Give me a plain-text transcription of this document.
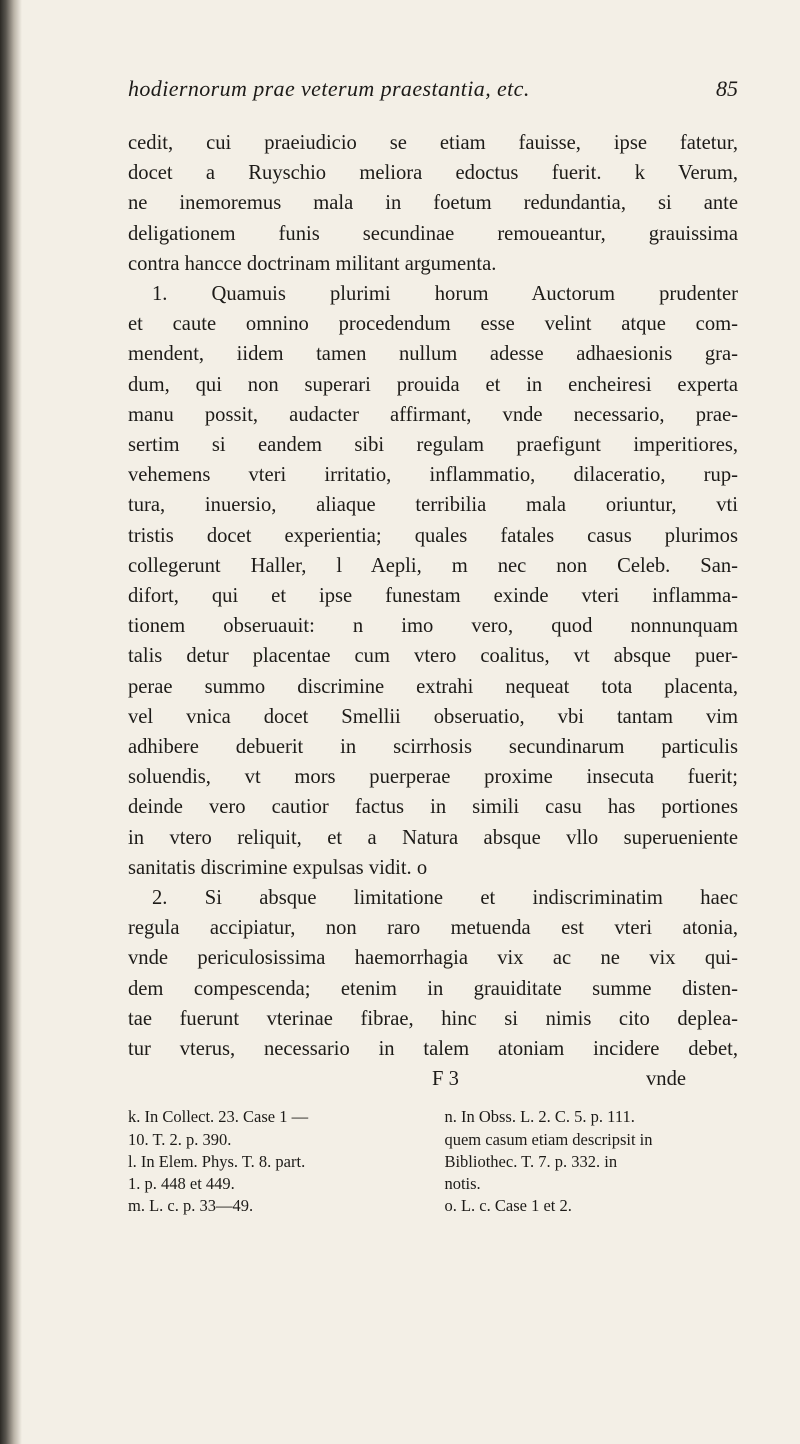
hodiernorum prae veterum praestantia, etc.	85
cedit, cui praeiudicio se etiam fauisse, ipse fatetur,
docet a Ruyschio meliora edoctus fuerit. k Verum,
ne inemoremus mala in foetum redundantia, si ante
deligationem funis secundinae remoueantur, grauissima
contra hancce doctrinam militant argumenta.
1. Quamuis plurimi horum Auctorum prudenter
et caute omnino procedendum esse velint atque com-
mendent, iidem tamen nullum adesse adhaesionis gra-
dum, qui non superari prouida et in encheiresi experta
manu possit, audacter affirmant, vnde necessario, prae-
sertim si eandem sibi regulam praefigunt imperitiores,
vehemens vteri irritatio, inflammatio, dilaceratio, rup-
tura, inuersio, aliaque terribilia mala oriuntur, vti
tristis docet experientia; quales fatales casus plurimos
collegerunt Haller, l Aepli, m nec non Celeb. San-
difort, qui et ipse funestam exinde vteri inflamma-
tionem obseruauit: n imo vero, quod nonnunquam
talis detur placentae cum vtero coalitus, vt absque puer-
perae summo discrimine extrahi nequeat tota placenta,
vel vnica docet Smellii obseruatio, vbi tantam vim
adhibere debuerit in scirrhosis secundinarum particulis
soluendis, vt mors puerperae proxime insecuta fuerit;
deinde vero cautior factus in simili casu has portiones
in vtero reliquit, et a Natura absque vllo superueniente
sanitatis discrimine expulsas vidit. o
2. Si absque limitatione et indiscriminatim haec
regula accipiatur, non raro metuenda est vteri atonia,
vnde periculosissima haemorrhagia vix ac ne vix qui-
dem compescenda; etenim in grauiditate summe disten-
tae fuerunt vterinae fibrae, hinc si nimis cito deplea-
tur vterus, necessario in talem atoniam incidere debet,
F 3	vnde
k. In Collect. 23. Case 1 —
10. T. 2. p. 390.
l. In Elem. Phys. T. 8. part.
1. p. 448 et 449.
m. L. c. p. 33—49.
n. In Obss. L. 2. C. 5. p. 111.
quem casum etiam descripsit in
Bibliothec. T. 7. p. 332. in
notis.
o. L. c. Case 1 et 2.
